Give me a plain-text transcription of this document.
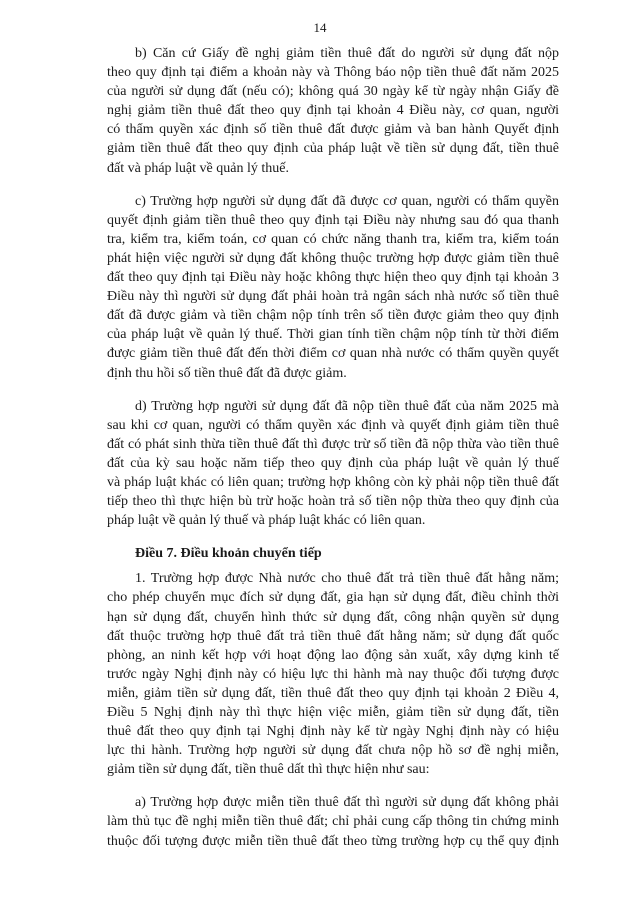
14
b) Căn cứ Giấy đề nghị giảm tiền thuê đất do người sử dụng đất nộp
theo quy định tại điểm a khoản này và Thông báo nộp tiền thuê đất năm 2025
của người sử dụng đất (nếu có); không quá 30 ngày kể từ ngày nhận Giấy đề
nghị giảm tiền thuê đất theo quy định tại khoản 4 Điều này, cơ quan, người
có thẩm quyền xác định số tiền thuê đất được giảm và ban hành Quyết định
giảm tiền thuê đất theo quy định của pháp luật về tiền sử dụng đất, tiền thuê
đất và pháp luật về quản lý thuế.
c) Trường hợp người sử dụng đất đã được cơ quan, người có thẩm quyền
quyết định giảm tiền thuê theo quy định tại Điều này nhưng sau đó qua thanh
tra, kiểm tra, kiểm toán, cơ quan có chức năng thanh tra, kiểm tra, kiểm toán
phát hiện việc người sử dụng đất không thuộc trường hợp được giảm tiền thuê
đất theo quy định tại Điều này hoặc không thực hiện theo quy định tại khoản 3
Điều này thì người sử dụng đất phải hoàn trả ngân sách nhà nước số tiền thuê
đất đã được giảm và tiền chậm nộp tính trên số tiền được giảm theo quy định
của pháp luật về quản lý thuế. Thời gian tính tiền chậm nộp tính từ thời điểm
được giảm tiền thuê đất đến thời điểm cơ quan nhà nước có thẩm quyền quyết
định thu hồi số tiền thuê đất đã được giảm.
d) Trường hợp người sử dụng đất đã nộp tiền thuê đất của năm 2025 mà
sau khi cơ quan, người có thẩm quyền xác định và quyết định giảm tiền thuê
đất có phát sinh thừa tiền thuê đất thì được trừ số tiền đã nộp thừa vào tiền thuê
đất của kỳ sau hoặc năm tiếp theo quy định của pháp luật về quản lý thuế
và pháp luật khác có liên quan; trường hợp không còn kỳ phải nộp tiền thuê đất
tiếp theo thì thực hiện bù trừ hoặc hoàn trả số tiền nộp thừa theo quy định của
pháp luật về quản lý thuế và pháp luật khác có liên quan.
Điều 7. Điều khoản chuyển tiếp
1. Trường hợp được Nhà nước cho thuê đất trả tiền thuê đất hằng năm;
cho phép chuyển mục đích sử dụng đất, gia hạn sử dụng đất, điều chỉnh thời
hạn sử dụng đất, chuyển hình thức sử dụng đất, công nhận quyền sử dụng
đất thuộc trường hợp thuê đất trả tiền thuê đất hằng năm; sử dụng đất quốc
phòng, an ninh kết hợp với hoạt động lao động sản xuất, xây dựng kinh tế
trước ngày Nghị định này có hiệu lực thi hành mà nay thuộc đối tượng được
miễn, giảm tiền sử dụng đất, tiền thuê đất theo quy định tại khoản 2 Điều 4,
Điều 5 Nghị định này thì thực hiện việc miễn, giảm tiền sử dụng đất, tiền
thuê đất theo quy định tại Nghị định này kể từ ngày Nghị định này có hiệu
lực thi hành. Trường hợp người sử dụng đất chưa nộp hồ sơ đề nghị miễn,
giảm tiền sử dụng đất, tiền thuê dất thì thực hiện như sau:
a) Trường hợp được miễn tiền thuê đất thì người sử dụng đất không phải
làm thủ tục đề nghị miễn tiền thuê đất; chỉ phải cung cấp thông tin chứng minh
thuộc đối tượng được miễn tiền thuê đất theo từng trường hợp cụ thể quy định
